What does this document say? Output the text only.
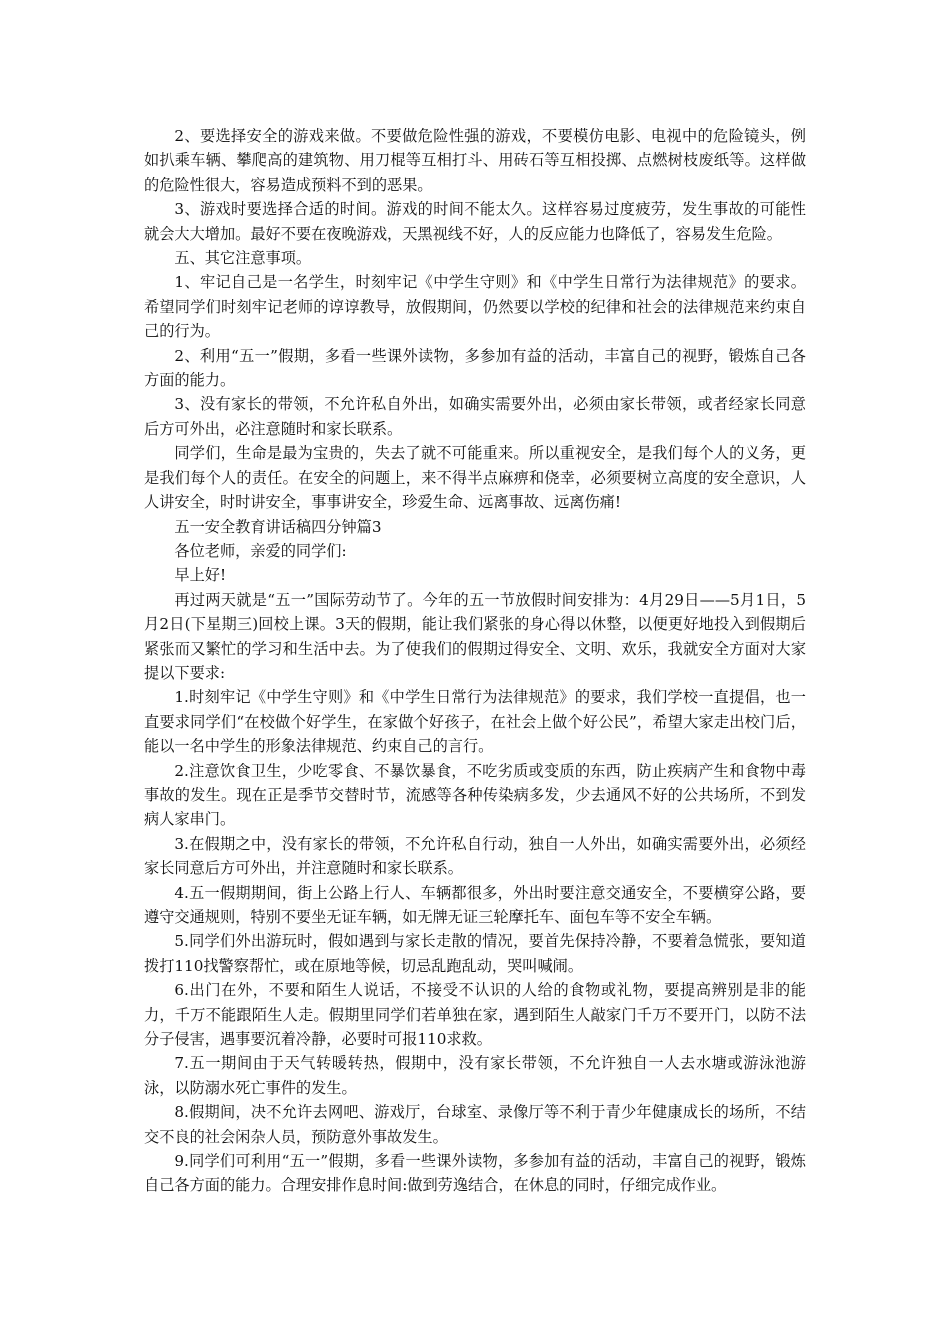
2、要选择安全的游戏来做。不要做危险性强的游戏，不要模仿电影、电视中的危险镜头，例如扒乘车辆、攀爬高的建筑物、用刀棍等互相打斗、用砖石等互相投掷、点燃树枝废纸等。这样做的危险性很大，容易造成预料不到的恶果。

3、游戏时要选择合适的时间。游戏的时间不能太久。这样容易过度疲劳，发生事故的可能性就会大大增加。最好不要在夜晚游戏，天黑视线不好，人的反应能力也降低了，容易发生危险。

五、其它注意事项。

1、牢记自己是一名学生，时刻牢记《中学生守则》和《中学生日常行为法律规范》的要求。希望同学们时刻牢记老师的谆谆教导，放假期间，仍然要以学校的纪律和社会的法律规范来约束自己的行为。

2、利用“五一”假期，多看一些课外读物，多参加有益的活动，丰富自己的视野，锻炼自己各方面的能力。

3、没有家长的带领，不允许私自外出，如确实需要外出，必须由家长带领，或者经家长同意后方可外出，必注意随时和家长联系。

同学们，生命是最为宝贵的，失去了就不可能重来。所以重视安全，是我们每个人的义务，更是我们每个人的责任。在安全的问题上，来不得半点麻痹和侥幸，必须要树立高度的安全意识，人人讲安全，时时讲安全，事事讲安全，珍爱生命、远离事故、远离伤痛!

五一安全教育讲话稿四分钟篇3

各位老师，亲爱的同学们:

早上好!

再过两天就是“五一”国际劳动节了。今年的五一节放假时间安排为：4月29日——5月1日，5月2日(下星期三)回校上课。3天的假期，能让我们紧张的身心得以休整，以便更好地投入到假期后紧张而又繁忙的学习和生活中去。为了使我们的假期过得安全、文明、欢乐，我就安全方面对大家提以下要求:

1.时刻牢记《中学生守则》和《中学生日常行为法律规范》的要求，我们学校一直提倡，也一直要求同学们“在校做个好学生，在家做个好孩子，在社会上做个好公民”，希望大家走出校门后，能以一名中学生的形象法律规范、约束自己的言行。

2.注意饮食卫生，少吃零食、不暴饮暴食，不吃劣质或变质的东西，防止疾病产生和食物中毒事故的发生。现在正是季节交替时节，流感等各种传染病多发，少去通风不好的公共场所，不到发病人家串门。

3.在假期之中，没有家长的带领，不允许私自行动，独自一人外出，如确实需要外出，必须经家长同意后方可外出，并注意随时和家长联系。

4.五一假期期间，街上公路上行人、车辆都很多，外出时要注意交通安全，不要横穿公路，要遵守交通规则，特别不要坐无证车辆，如无牌无证三轮摩托车、面包车等不安全车辆。

5.同学们外出游玩时，假如遇到与家长走散的情况，要首先保持冷静，不要着急慌张，要知道拨打110找警察帮忙，或在原地等候，切忌乱跑乱动，哭叫喊闹。

6.出门在外，不要和陌生人说话，不接受不认识的人给的食物或礼物，要提高辨别是非的能力，千万不能跟陌生人走。假期里同学们若单独在家，遇到陌生人敲家门千万不要开门，以防不法分子侵害，遇事要沉着冷静，必要时可报110求救。

7.五一期间由于天气转暖转热，假期中，没有家长带领，不允许独自一人去水塘或游泳池游泳，以防溺水死亡事件的发生。

8.假期间，决不允许去网吧、游戏厅，台球室、录像厅等不利于青少年健康成长的场所，不结交不良的社会闲杂人员，预防意外事故发生。

9.同学们可利用“五一”假期，多看一些课外读物，多参加有益的活动，丰富自己的视野，锻炼自己各方面的能力。合理安排作息时间:做到劳逸结合，在休息的同时，仔细完成作业。
